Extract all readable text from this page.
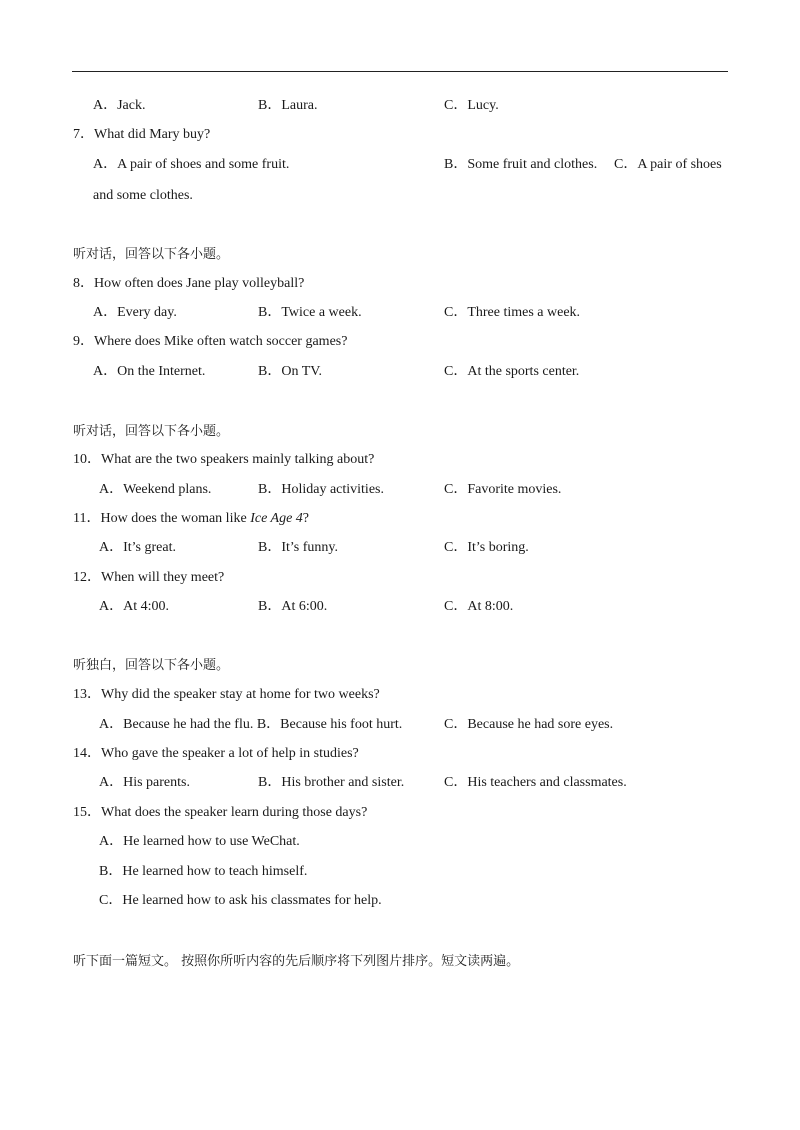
A．Jack.	B．Laura.	C．Lucy.
7．What did Mary buy?
A．A pair of shoes and some fruit.	B．Some fruit and clothes. C．A pair of shoes
and some clothes.
听对话，回答以下各小题。
8．How often does Jane play volleyball?
A．Every day.	B．Twice a week.	C．Three times a week.
9．Where does Mike often watch soccer games?
A．On the Internet.	B．On TV.	C．At the sports center.
听对话，回答以下各小题。
10．What are the two speakers mainly talking about?
A．Weekend plans.	B．Holiday activities.	C．Favorite movies.
11．How does the woman like Ice Age 4?
A．It’s great.	B．It’s funny.	C．It’s boring.
12．When will they meet?
A．At 4:00.	B．At 6:00.	C．At 8:00.
听独白，回答以下各小题。
13．Why did the speaker stay at home for two weeks?
A．Because he had the flu. B．Because his foot hurt.	C．Because he had sore eyes.
14．Who gave the speaker a lot of help in studies?
A．His parents.	B．His brother and sister.	C．His teachers and classmates.
15．What does the speaker learn during those days?
A．He learned how to use WeChat.
B．He learned how to teach himself.
C．He learned how to ask his classmates for help.
听下面一篇短文。 按照你所听内容的先后顺序将下列图片排序。短文读两遍。
